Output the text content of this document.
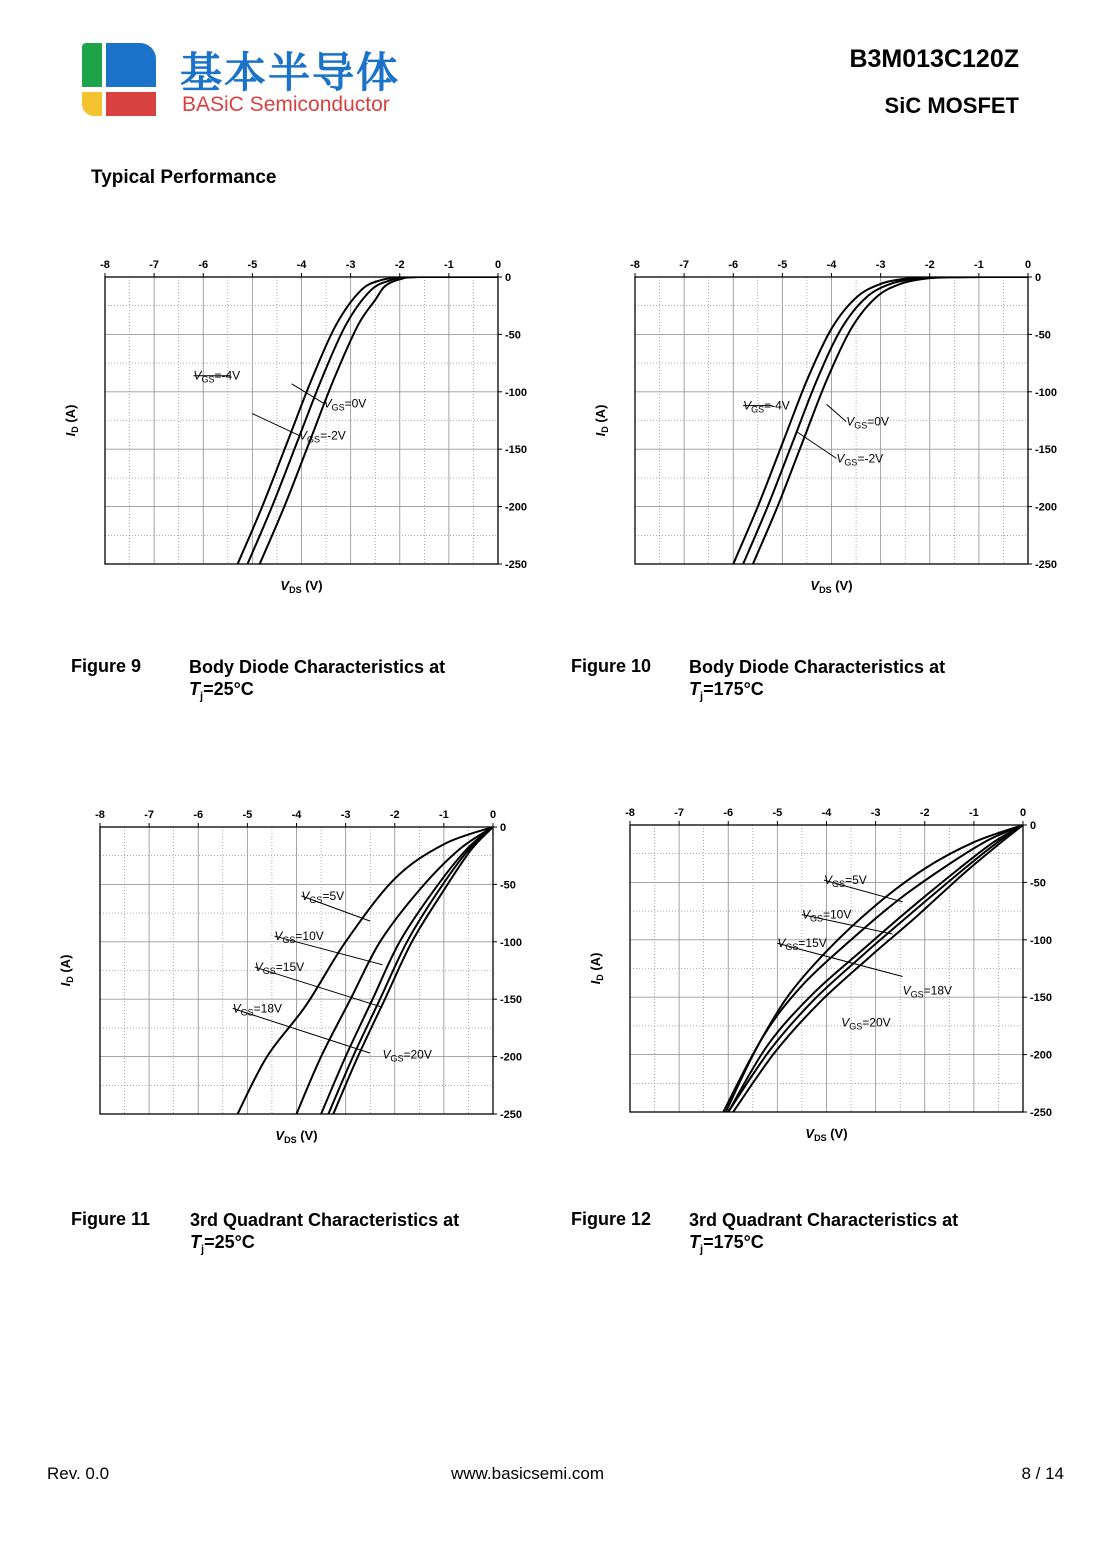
基本半导体
BASiC Semiconductor
B3M013C120Z
SiC MOSFET
Typical Performance
-8	-7	-6	-5	-4	-3	-2	-1	0
0
-50
-100
-150
-200
-250
$V_{GS}=-4V$
$V_{GS}=0V$
$V_{GS}=-2V$
$I_D$ (A)
$V_{DS}$ (V)
-8	-7	-6	-5	-4	-3	-2	-1	0
0
-50
-100
-150
-200
-250
$V_{GS}=-4V$
$V_{GS}=0V$
$V_{GS}=-2V$
$I_D$ (A)
$V_{DS}$ (V)
-8	-7	-6	-5	-4	-3	-2	-1	0
0
-50
-100
-150
-200
-250
$V_{GS}=5V$
$V_{GS}=10V$
$V_{GS}=15V$
$V_{GS}=18V$
$V_{GS}=20V$
$I_D$ (A)
$V_{DS}$ (V)
-8	-7	-6	-5	-4	-3	-2	-1	0
0
-50
-100
-150
-200
-250
$V_{GS}=5V$
$V_{GS}=10V$
$V_{GS}=15V$
$V_{GS}=18V$
$V_{GS}=20V$
$I_D$ (A)
$V_{DS}$ (V)
Figure 9	Body Diode Characteristics at
$T_j=25^\circ C$
Figure 10 Body Diode Characteristics at
$T_j=175^\circ C$
Figure 11 3rd Quadrant Characteristics at
$T_j=25^\circ C$
Figure 12 3rd Quadrant Characteristics at
$T_j=175^\circ C$
Rev. 0.0	www.basicsemi.com	8 / 14
